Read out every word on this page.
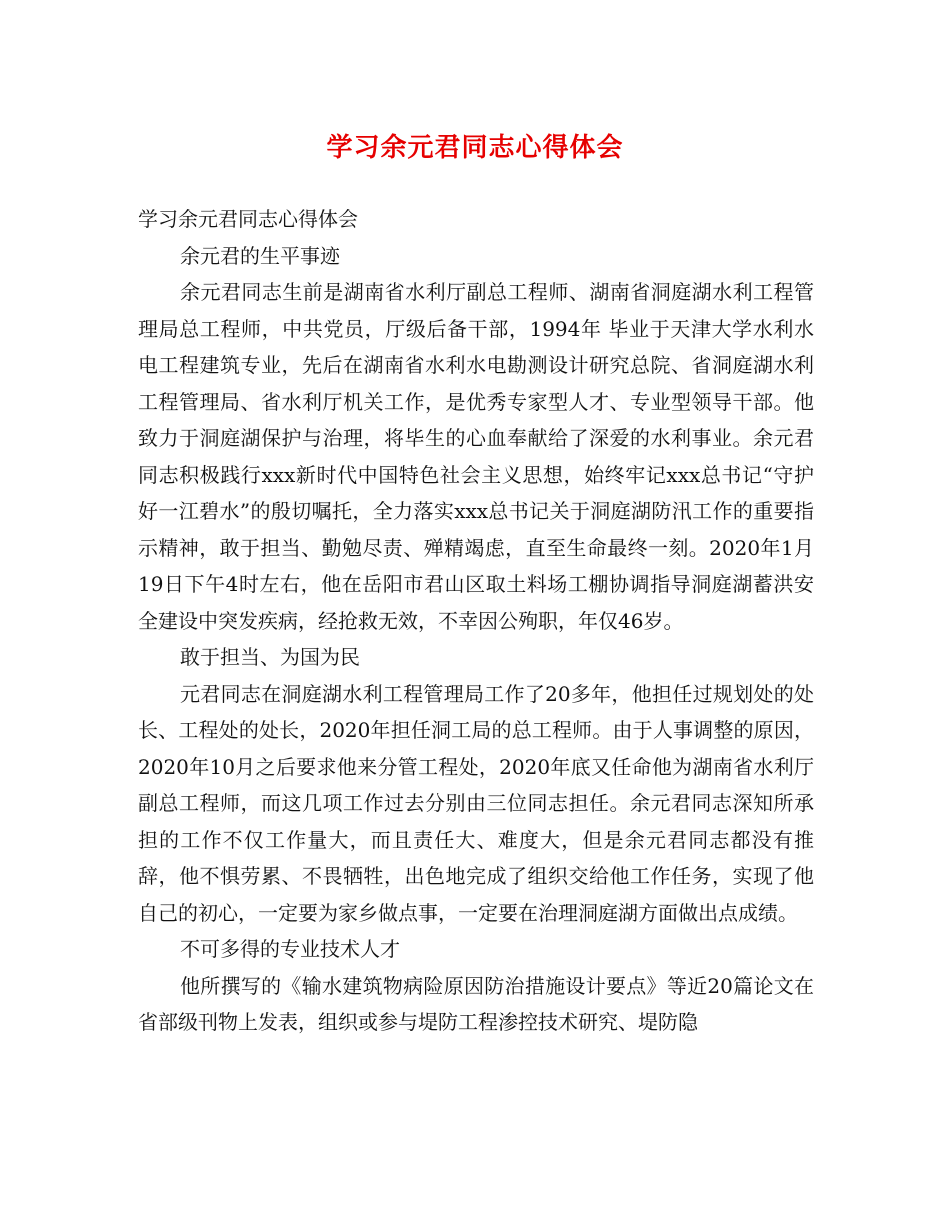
学习余元君同志心得体会

学习余元君同志心得体会

余元君的生平事迹

余元君同志生前是湖南省水利厅副总工程师、湖南省洞庭湖水利工程管理局总工程师，中共党员，厅级后备干部，1994年 毕业于天津大学水利水电工程建筑专业，先后在湖南省水利水电勘测设计研究总院、省洞庭湖水利工程管理局、省水利厅机关工作，是优秀专家型人才、专业型领导干部。他致力于洞庭湖保护与治理，将毕生的心血奉献给了深爱的水利事业。余元君同志积极践行xxx新时代中国特色社会主义思想，始终牢记xxx总书记“守护好一江碧水”的殷切嘱托，全力落实xxx总书记关于洞庭湖防汛工作的重要指示精神，敢于担当、勤勉尽责、殚精竭虑，直至生命最终一刻。2020年1月19日下午4时左右，他在岳阳市君山区取土料场工棚协调指导洞庭湖蓄洪安全建设中突发疾病，经抢救无效，不幸因公殉职，年仅46岁。

敢于担当、为国为民

元君同志在洞庭湖水利工程管理局工作了20多年，他担任过规划处的处长、工程处的处长，2020年担任洞工局的总工程师。由于人事调整的原因，2020年10月之后要求他来分管工程处，2020年底又任命他为湖南省水利厅副总工程师，而这几项工作过去分别由三位同志担任。余元君同志深知所承担的工作不仅工作量大，而且责任大、难度大，但是余元君同志都没有推辞，他不惧劳累、不畏牺牲，出色地完成了组织交给他工作任务，实现了他自己的初心，一定要为家乡做点事，一定要在治理洞庭湖方面做出点成绩。

不可多得的专业技术人才

他所撰写的《输水建筑物病险原因防治措施设计要点》等近20篇论文在省部级刊物上发表，组织或参与堤防工程渗控技术研究、堤防隐
